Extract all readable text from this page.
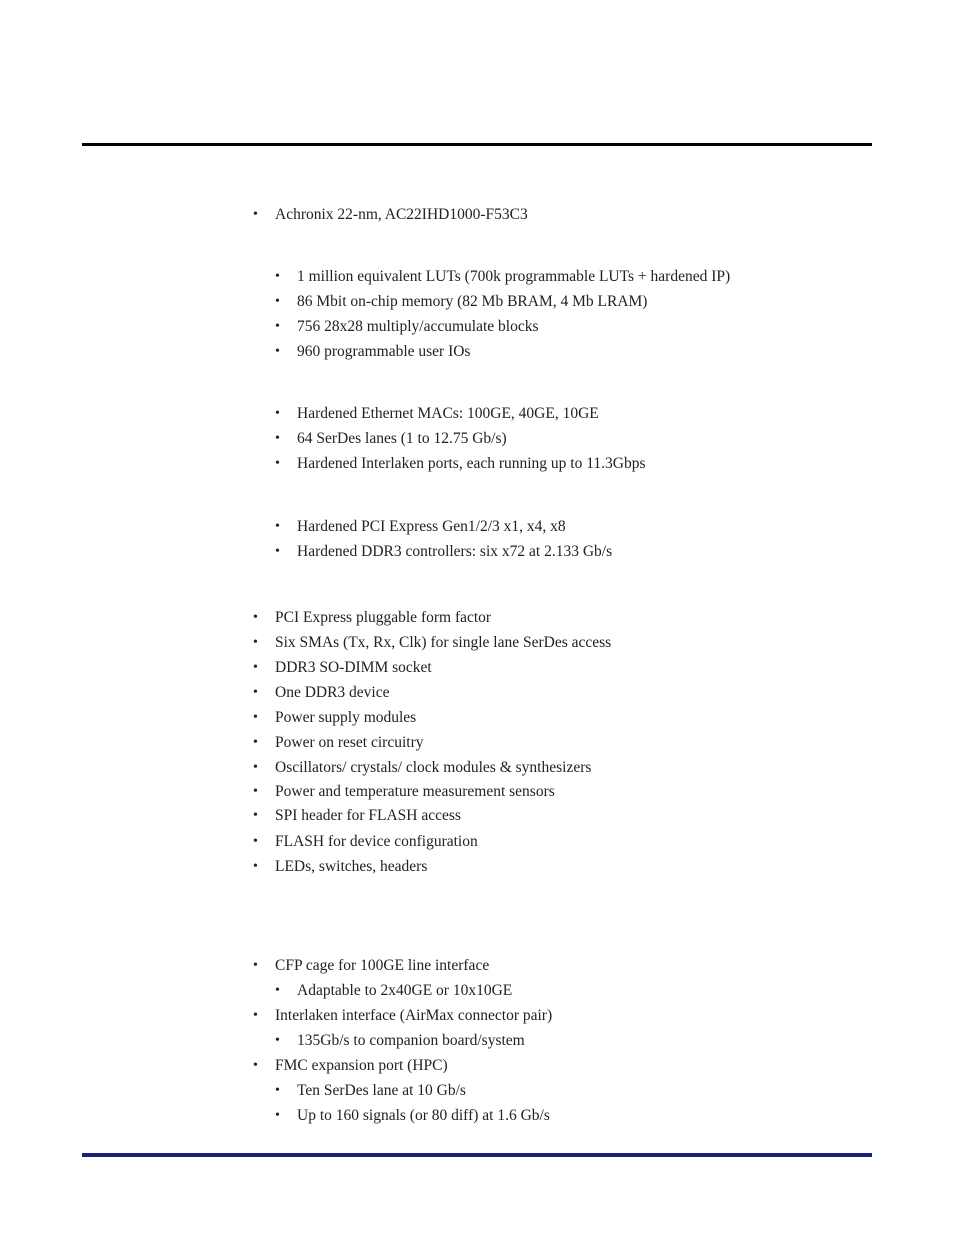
• Achronix 22-nm, AC22IHD1000-F53C3
• 1 million equivalent LUTs (700k programmable LUTs + hardened IP)
• 86 Mbit on-chip memory (82 Mb BRAM, 4 Mb LRAM)
• 756 28x28 multiply/accumulate blocks
• 960 programmable user IOs
• Hardened Ethernet MACs: 100GE, 40GE, 10GE
• 64 SerDes lanes (1 to 12.75 Gb/s)
• Hardened Interlaken ports, each running up to 11.3Gbps
• Hardened PCI Express Gen1/2/3 x1, x4, x8
• Hardened DDR3 controllers: six x72 at 2.133 Gb/s
• PCI Express pluggable form factor
• Six SMAs (Tx, Rx, Clk) for single lane SerDes access
• DDR3 SO-DIMM socket
• One DDR3 device
• Power supply modules
• Power on reset circuitry
• Oscillators/ crystals/ clock modules & synthesizers
• Power and temperature measurement sensors
• SPI header for FLASH access
• FLASH for device configuration
• LEDs, switches, headers
• CFP cage for 100GE line interface
• Adaptable to 2x40GE or 10x10GE
• Interlaken interface (AirMax connector pair)
• 135Gb/s to companion board/system
• FMC expansion port (HPC)
• Ten SerDes lane at 10 Gb/s
• Up to 160 signals (or 80 diff) at 1.6 Gb/s
